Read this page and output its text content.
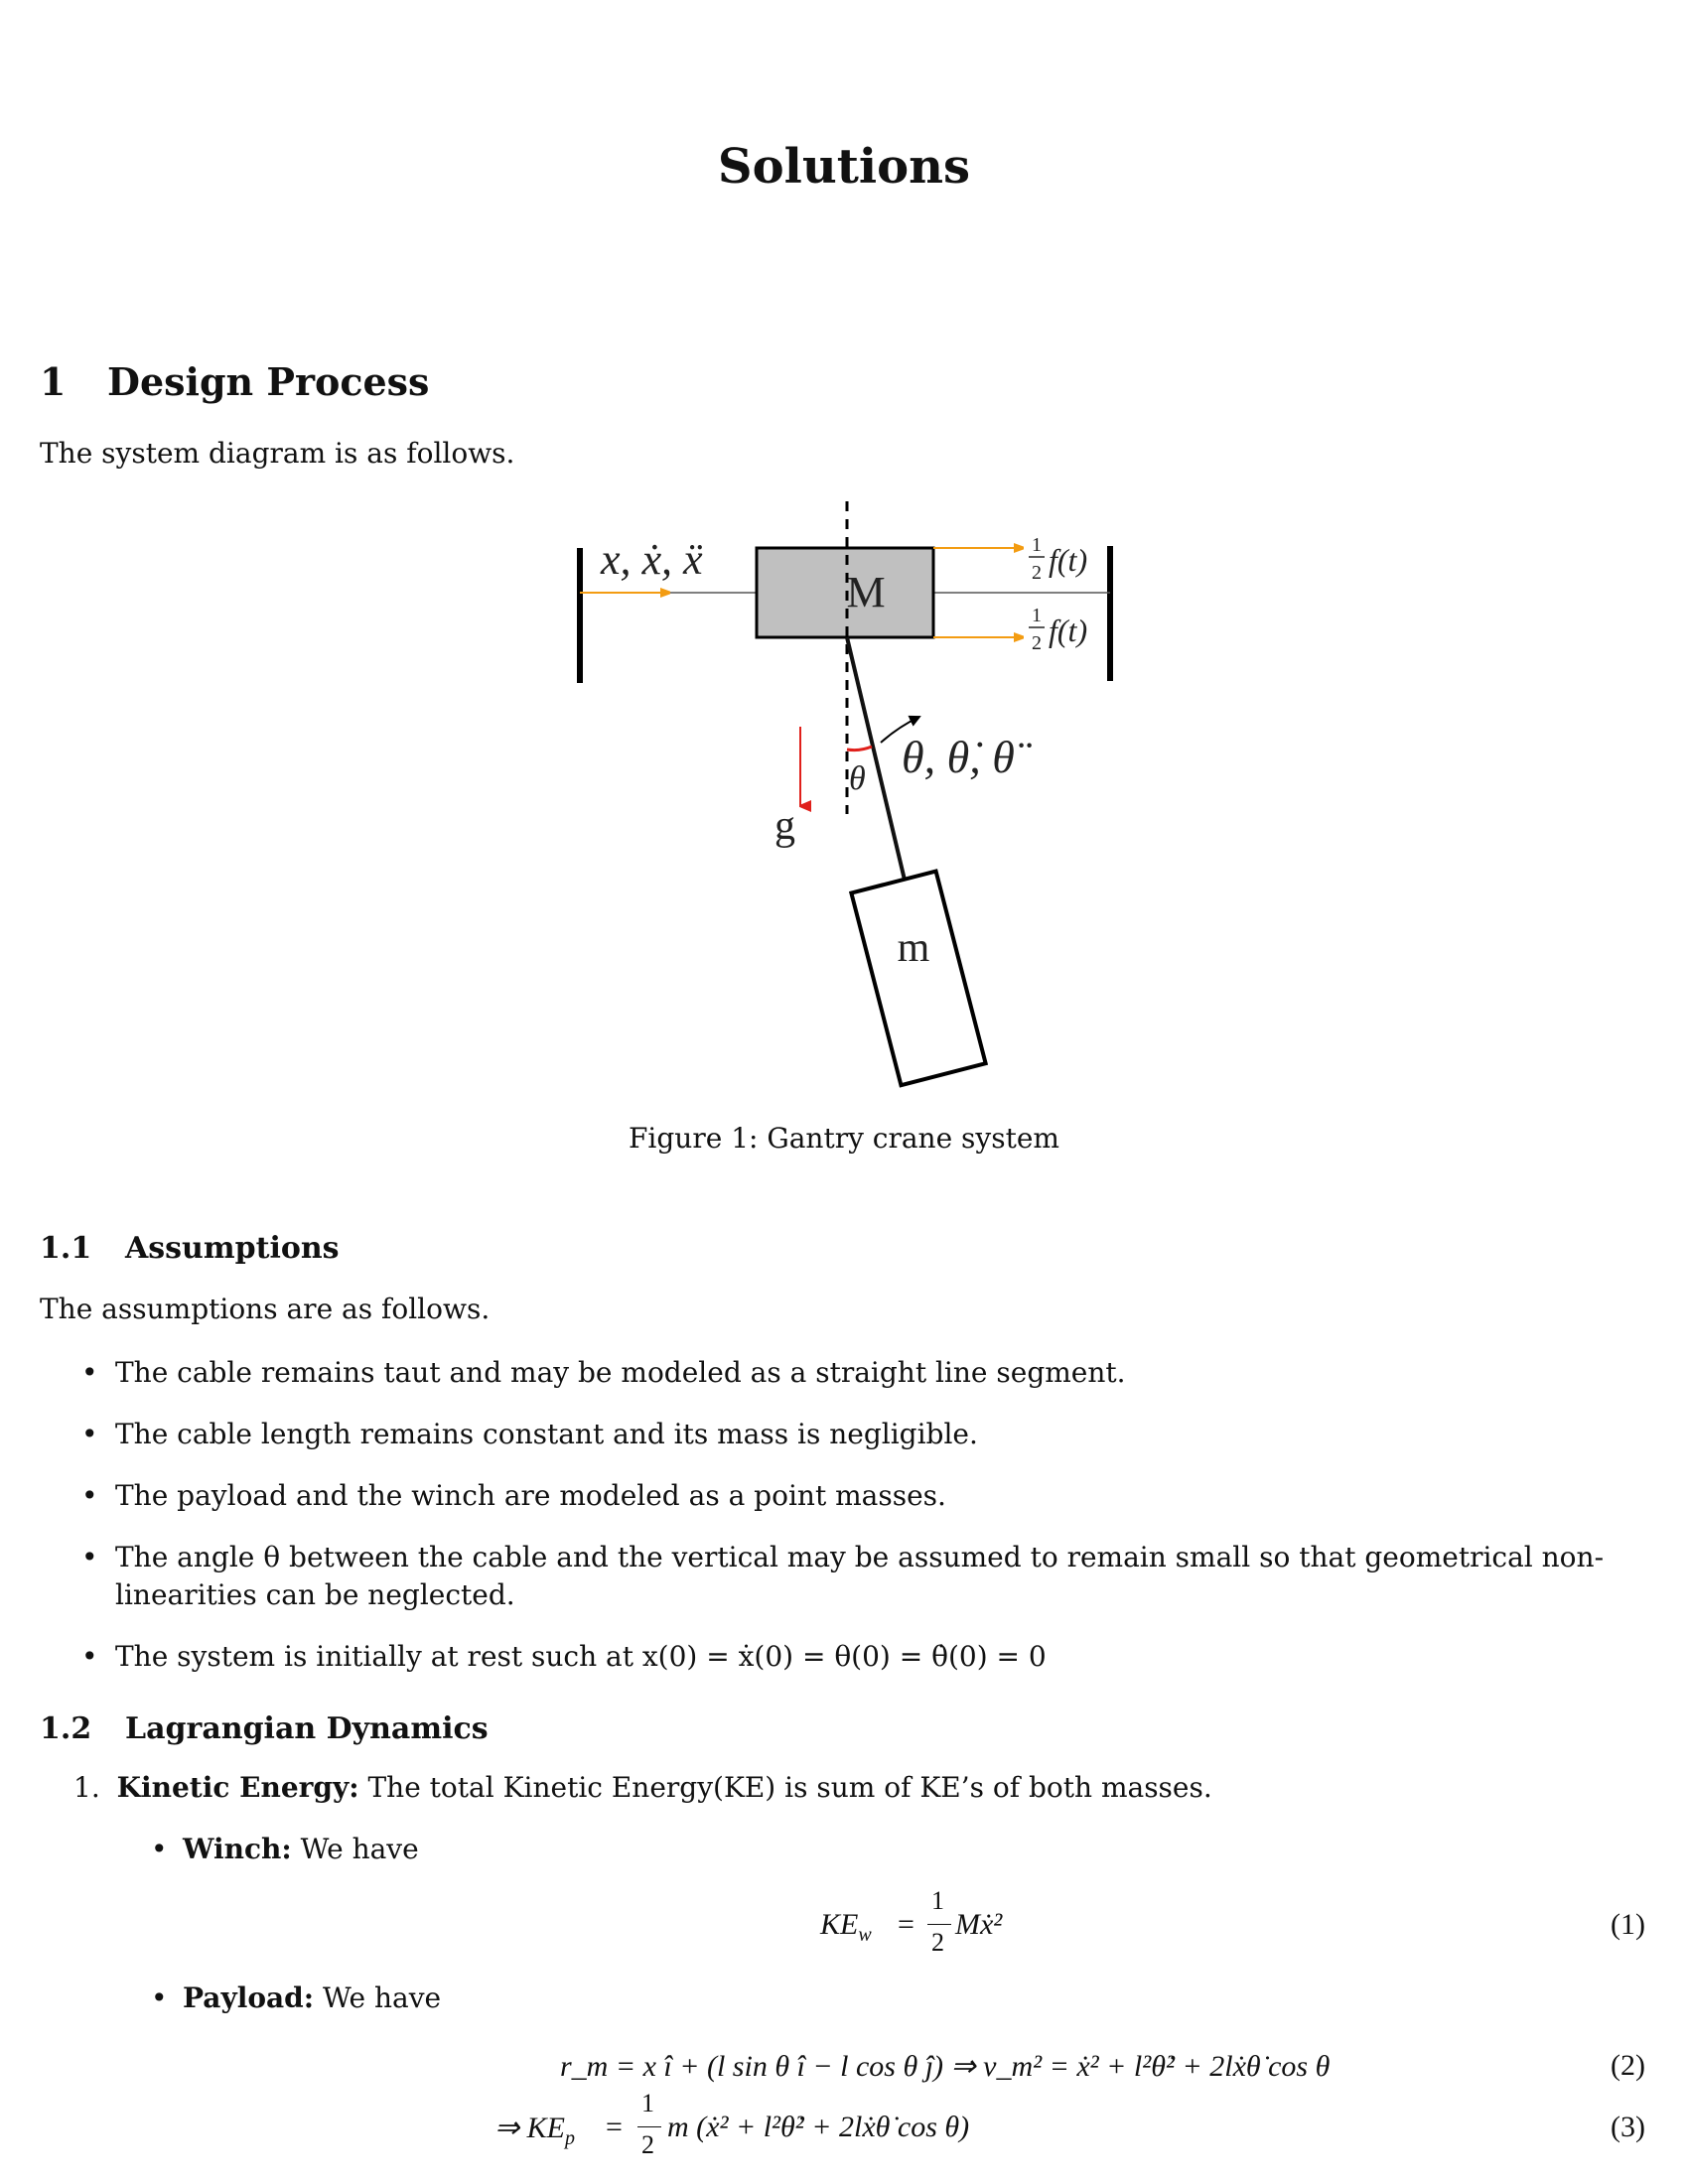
Solutions
1 Design Process
The system diagram is as follows.
M
x, ẋ, ẍ	1
2 f(t)
1
2 f(t)
θ θ, θ̇, θ̈
g
m
Figure 1: Gantry crane system
1.1 Assumptions
The assumptions are as follows.
• The cable remains taut and may be modeled as a straight line segment.
• The cable length remains constant and its mass is negligible.
• The payload and the winch are modeled as a point masses.
• The angle θ between the cable and the vertical may be assumed to remain small so that geometrical non-linearities can be neglected.
• The system is initially at rest such at x(0) = ẋ(0) = θ(0) = θ̇(0) = 0
1.2 Lagrangian Dynamics
1. Kinetic Energy: The total Kinetic Energy(KE) is sum of KE’s of both masses.
• Winch: We have
$KE_w$ =
1
2
Mẋ²	(1)
• Payload: We have
r_m = x î + (l sin θ î − l cos θ ĵ) ⇒ v_m² = ẋ² + l²θ̇² + 2lẋθ̇ cos θ	(2)
⇒ $KE_p$ =
1
2
m (ẋ² + l²θ̇² + 2lẋθ̇ cos θ)	(3)
